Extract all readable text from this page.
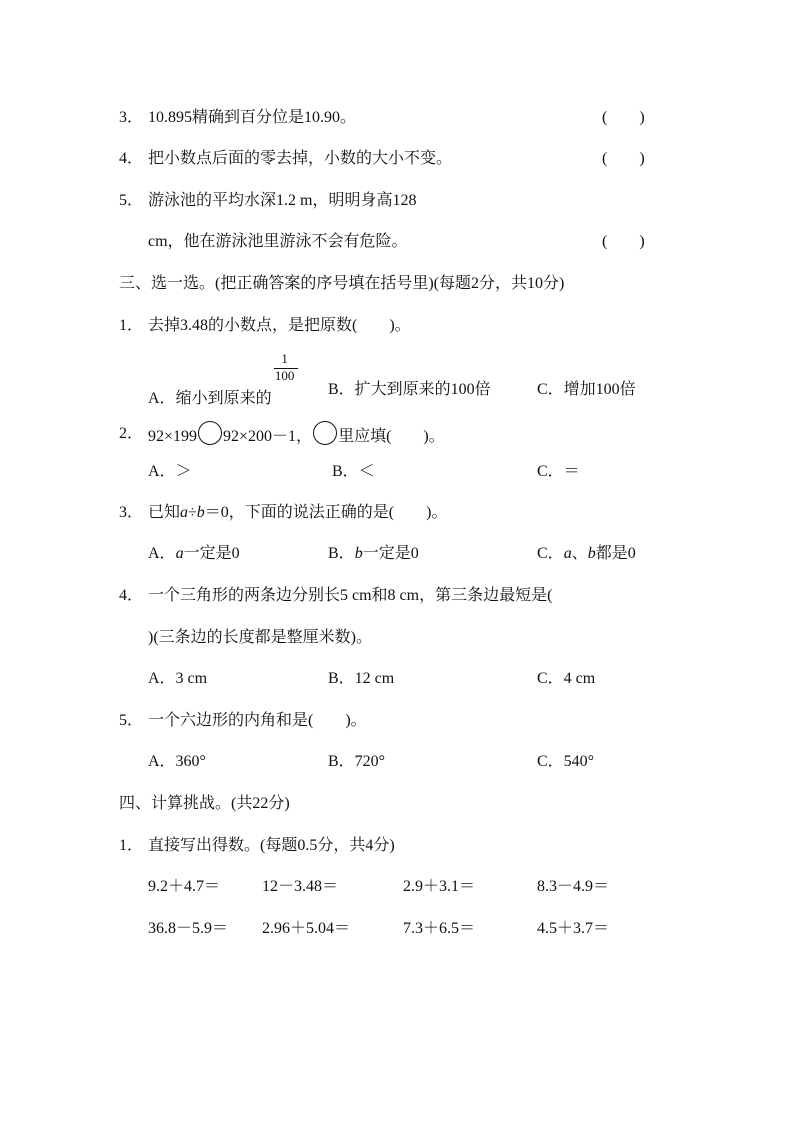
3． 10.895精确到百分位是10.90。	(　　)
4． 把小数点后面的零去掉，小数的大小不变。	(　　)
5． 游泳池的平均水深1.2 m，明明身高128
cm，他在游泳池里游泳不会有危险。	(　　)
三、选一选。(把正确答案的序号填在括号里)(每题2分，共10分)
1． 去掉3.48的小数点，是把原数(　　)。
A．缩小到原来的 $\frac{1}{100}$ B．扩大到原来的100倍	C．增加100倍
2． 92×199 92×200－1， 里应填(　　)。
A．＞	B．＜	C．＝
3． 已知a÷b＝0，下面的说法正确的是(　　)。
A．a一定是0	B．b一定是0	C．a、b都是0
4． 一个三角形的两条边分别长5 cm和8 cm，第三条边最短是(
)(三条边的长度都是整厘米数)。
A．3 cm	B．12 cm	C．4 cm
5． 一个六边形的内角和是(　　)。
A．360°	B．720°	C．540°
四、计算挑战。(共22分)
1． 直接写出得数。(每题0.5分，共4分)
9.2＋4.7＝	12－3.48＝	2.9＋3.1＝	8.3－4.9＝
36.8－5.9＝ 2.96＋5.04＝	7.3＋6.5＝	4.5＋3.7＝
